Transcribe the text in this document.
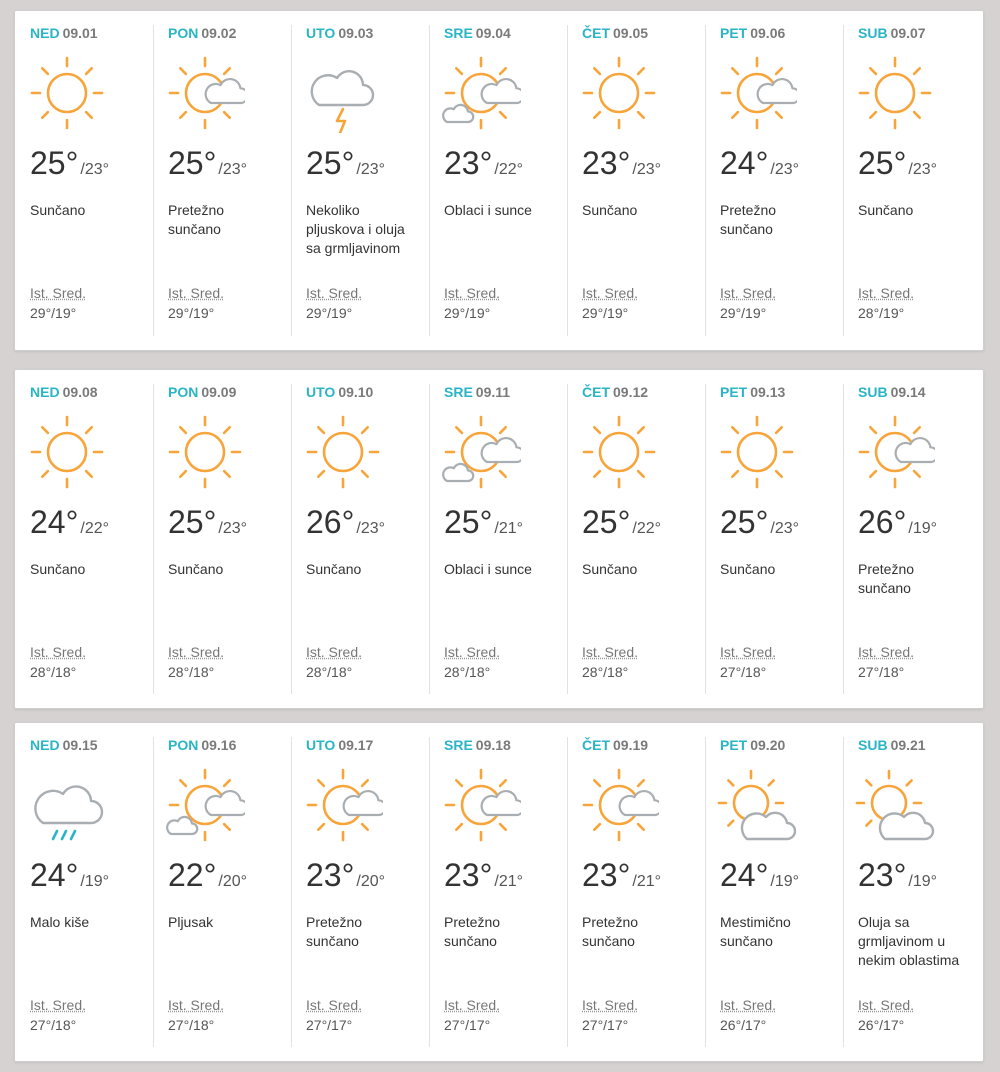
NED 09.01
25° /23°
Sunčano
Ist. Sred.
29°/19°
PON 09.02
25° /23°
Pretežno sunčano
Ist. Sred.
29°/19°
UTO 09.03
25° /23°
Nekoliko pljuskova i oluja sa grmljavinom
Ist. Sred.
29°/19°
SRE 09.04
23° /22°
Oblaci i sunce
Ist. Sred.
29°/19°
ČET 09.05
23° /23°
Sunčano
Ist. Sred.
29°/19°
PET 09.06
24° /23°
Pretežno sunčano
Ist. Sred.
29°/19°
SUB 09.07
25° /23°
Sunčano
Ist. Sred.
28°/19°
NED 09.08
24° /22°
Sunčano
Ist. Sred.
28°/18°
PON 09.09
25° /23°
Sunčano
Ist. Sred.
28°/18°
UTO 09.10
26° /23°
Sunčano
Ist. Sred.
28°/18°
SRE 09.11
25° /21°
Oblaci i sunce
Ist. Sred.
28°/18°
ČET 09.12
25° /22°
Sunčano
Ist. Sred.
28°/18°
PET 09.13
25° /23°
Sunčano
Ist. Sred.
27°/18°
SUB 09.14
26° /19°
Pretežno sunčano
Ist. Sred.
27°/18°
NED 09.15
24° /19°
Malo kiše
Ist. Sred.
27°/18°
PON 09.16
22° /20°
Pljusak
Ist. Sred.
27°/18°
UTO 09.17
23° /20°
Pretežno sunčano
Ist. Sred.
27°/17°
SRE 09.18
23° /21°
Pretežno sunčano
Ist. Sred.
27°/17°
ČET 09.19
23° /21°
Pretežno sunčano
Ist. Sred.
27°/17°
PET 09.20
24° /19°
Mestimično sunčano
Ist. Sred.
26°/17°
SUB 09.21
23° /19°
Oluja sa grmljavinom u nekim oblastima
Ist. Sred.
26°/17°
